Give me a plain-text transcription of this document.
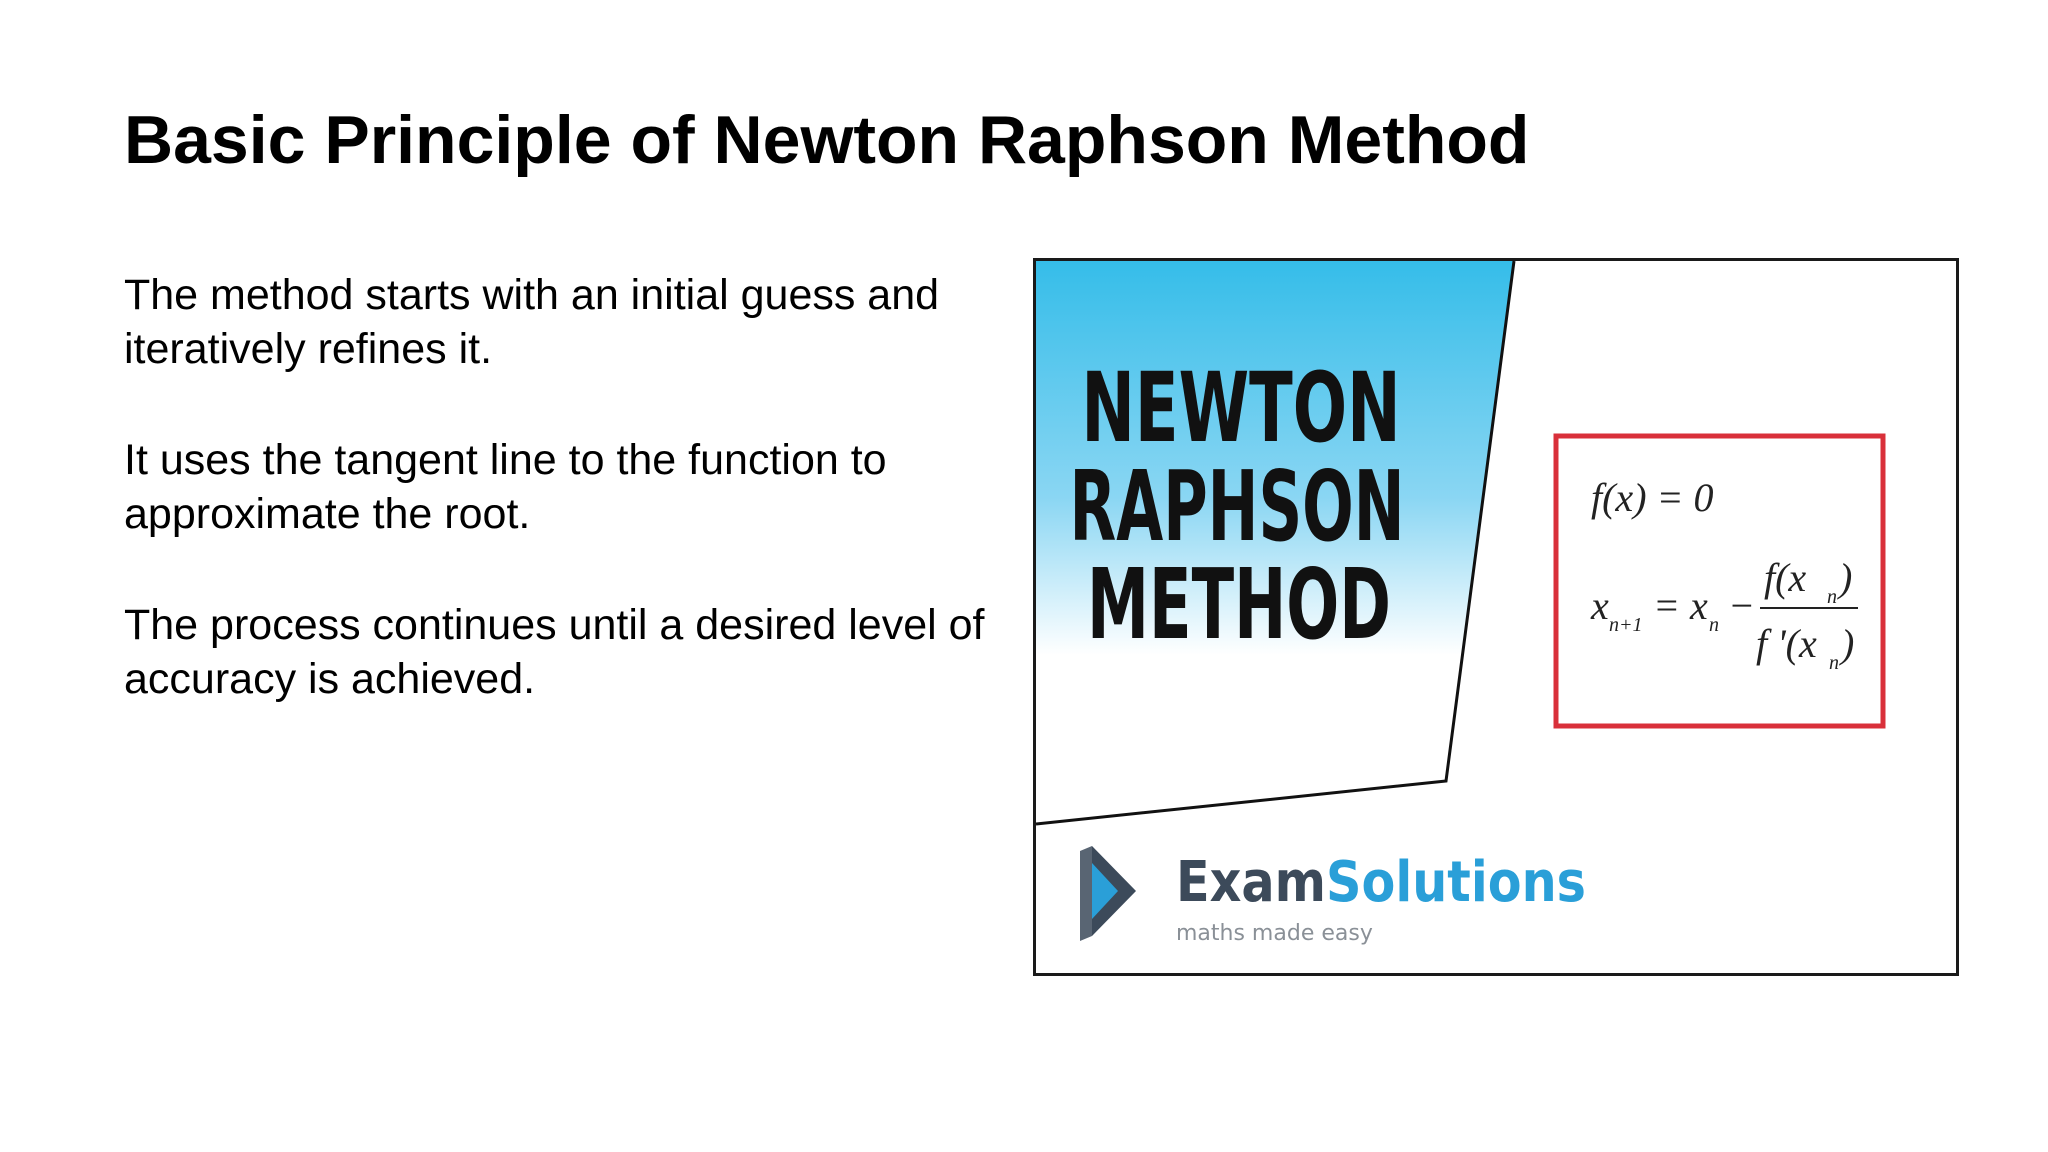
Basic Principle of Newton Raphson Method

The method starts with an initial guess and iteratively refines it.

It uses the tangent line to the function to approximate the root.

The process continues until a desired level of accuracy is achieved.

NEWTON
RAPHSON
METHOD
f(x) = 0
x n+1 = x n −
f(x n )
f '(x n )
ExamSolutions
maths made easy
